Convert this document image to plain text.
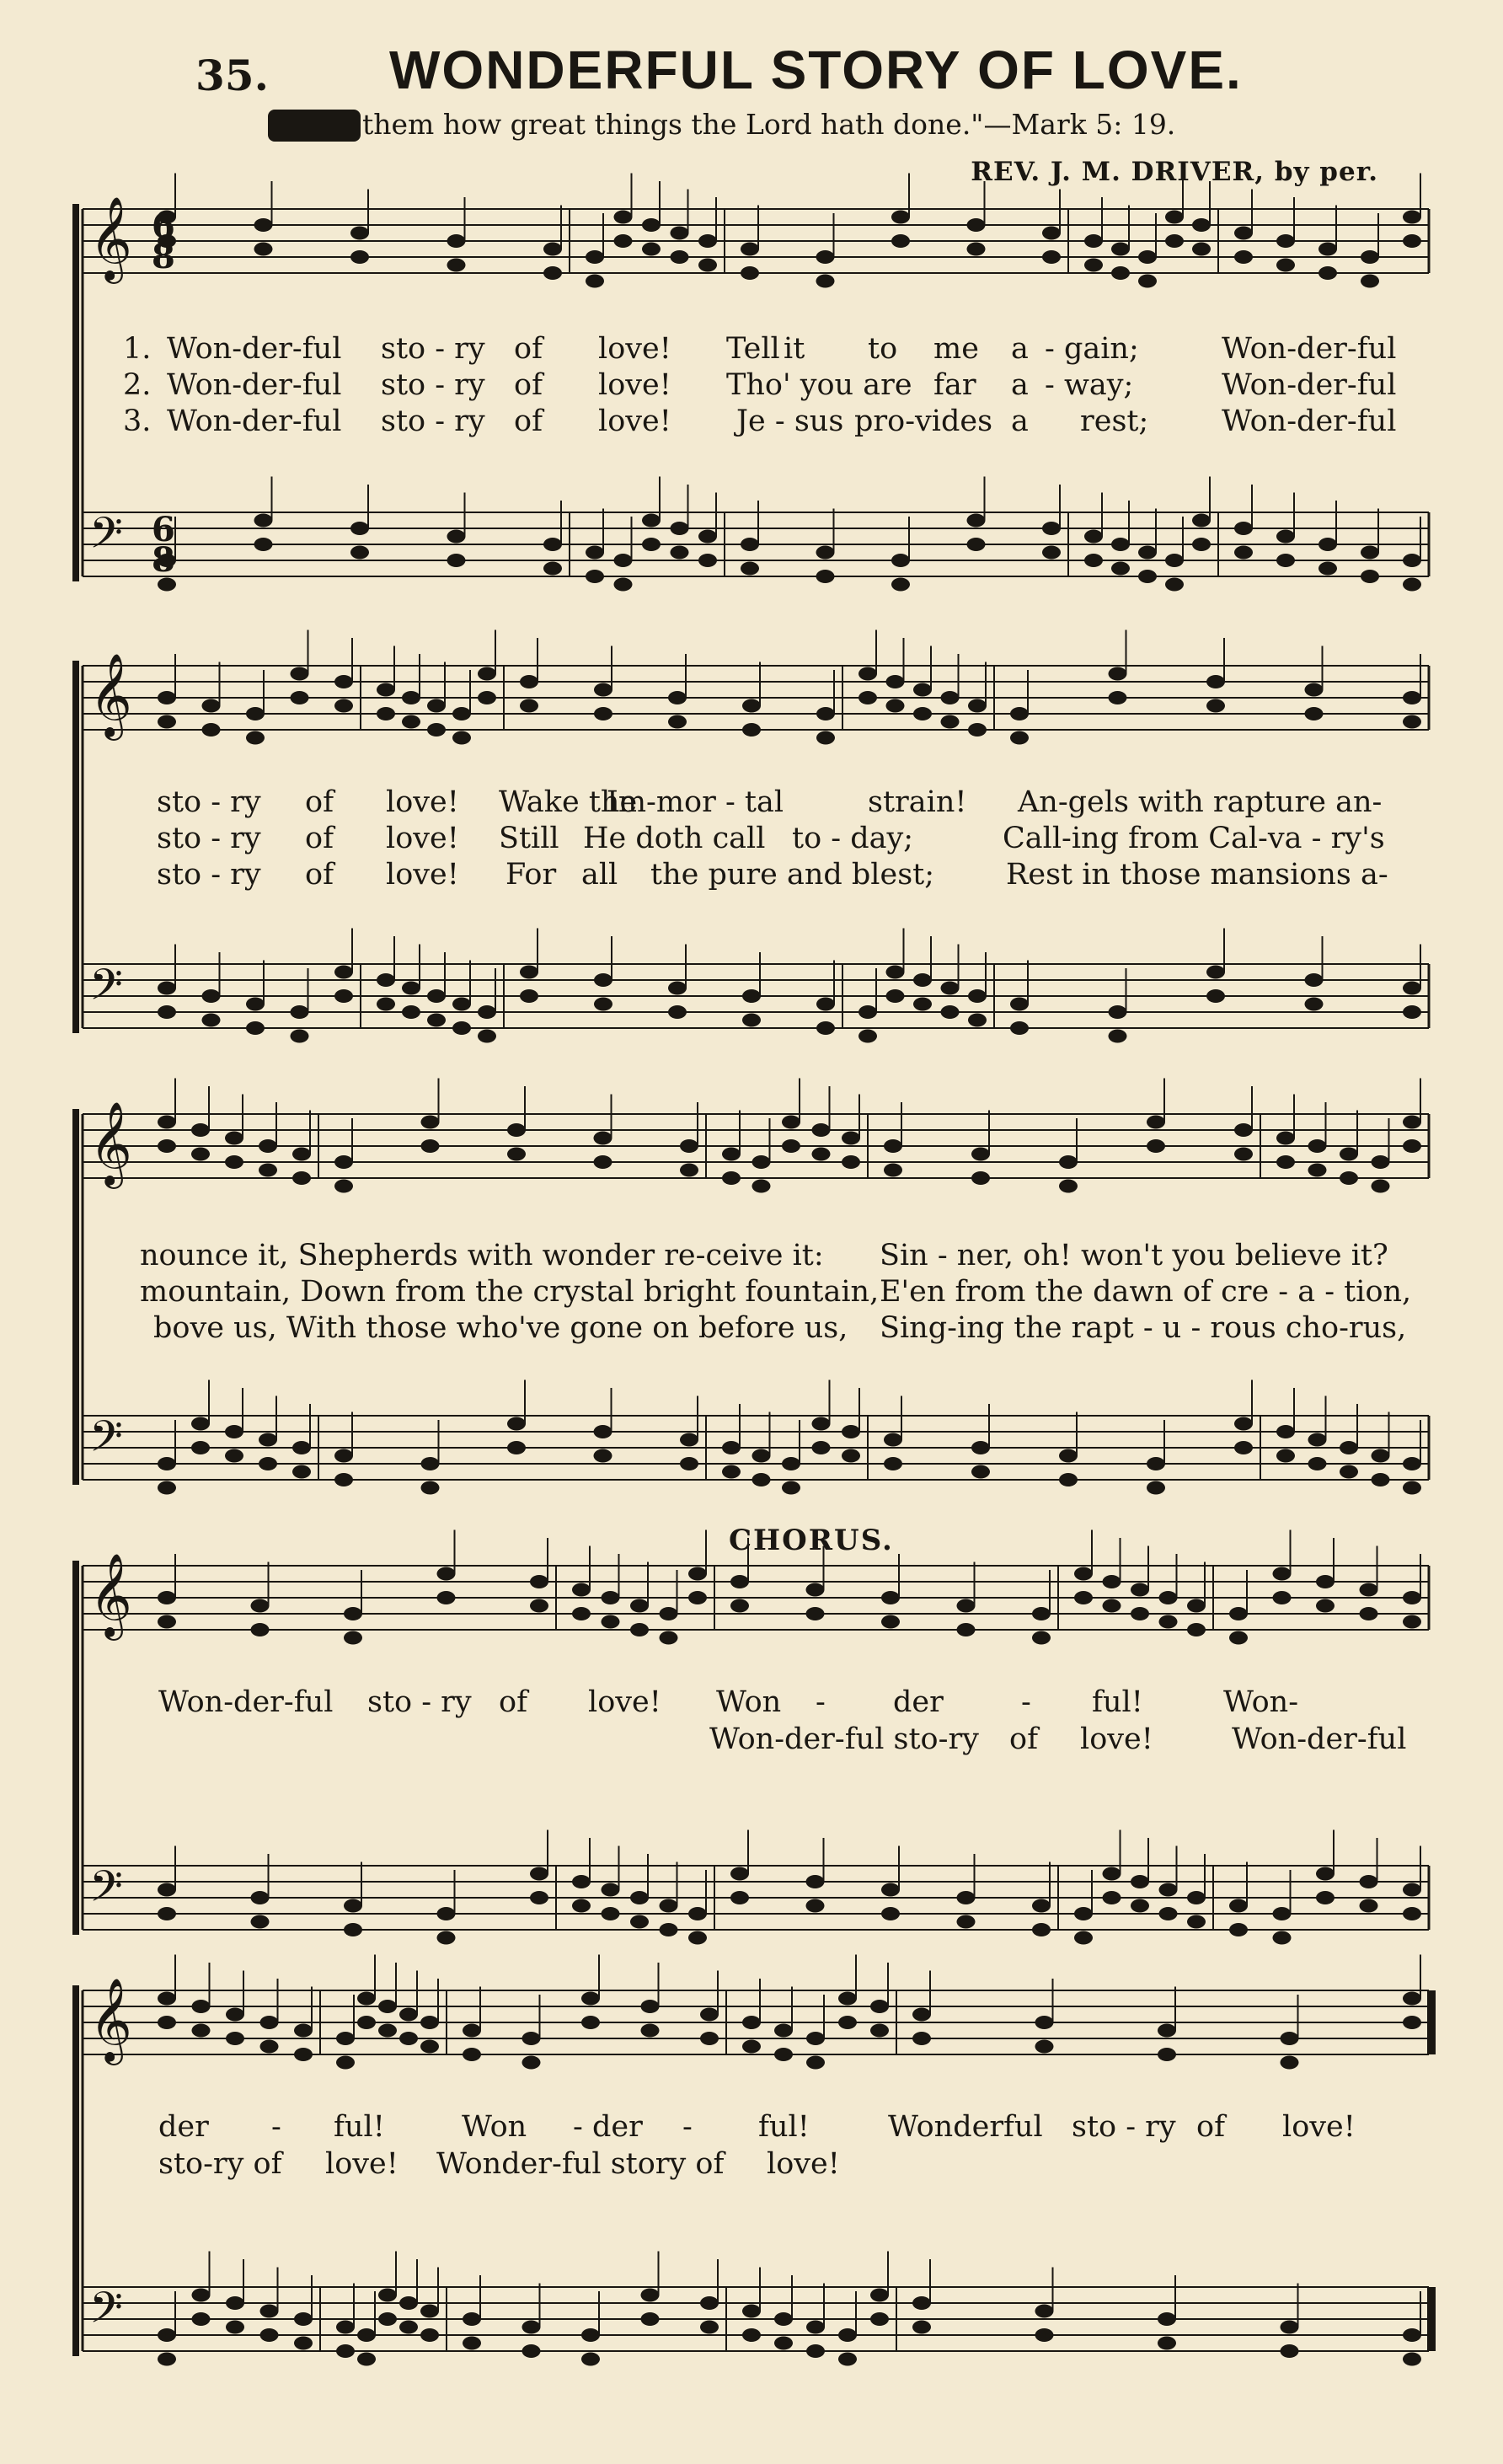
35. WONDERFUL STORY OF LOVE.
them how great things the Lord hath done."—Mark 5: 19.
REV. J. M. DRIVER, by per.
𝄞
𝄢
𝄞
𝄢
𝄞
𝄢
𝄞
𝄢
𝄞
𝄢
6
6
8
8
CHORUS.
1. Won-der-ful sto - ry of love! Tell it to me a - gain;	Won-der-ful
2. Won-der-ful sto - ry of love! Tho' you are far a - way;	Won-der-ful
3. Won-der-ful sto - ry of love! Je - sus pro-vides a rest; Won-der-ful
sto - ry of love! Wake the
Im-mor - tal	strain! An-gels with rapture an-
sto - ry of love! Still He doth call to - day;	Call-ing from Cal-va - ry's
sto - ry of love! For all the pure and blest; Rest in those mansions a-
nounce it, Shepherds with wonder re-ceive it: Sin - ner, oh! won't you believe it?
mountain, Down from the crystal bright fountain, E'en from the dawn of cre - a - tion,
bove us, With those who've gone on before us, Sing-ing the rapt - u - rous cho-rus,
Won-der-ful sto - ry of love! Won - der	- ful!	Won-
Won-der-ful sto-ry of love!	Won-der-ful
der - ful!	Won - der - ful!	Wonderful sto - ry of love!
sto-ry of love! Wonder-ful story of love!
